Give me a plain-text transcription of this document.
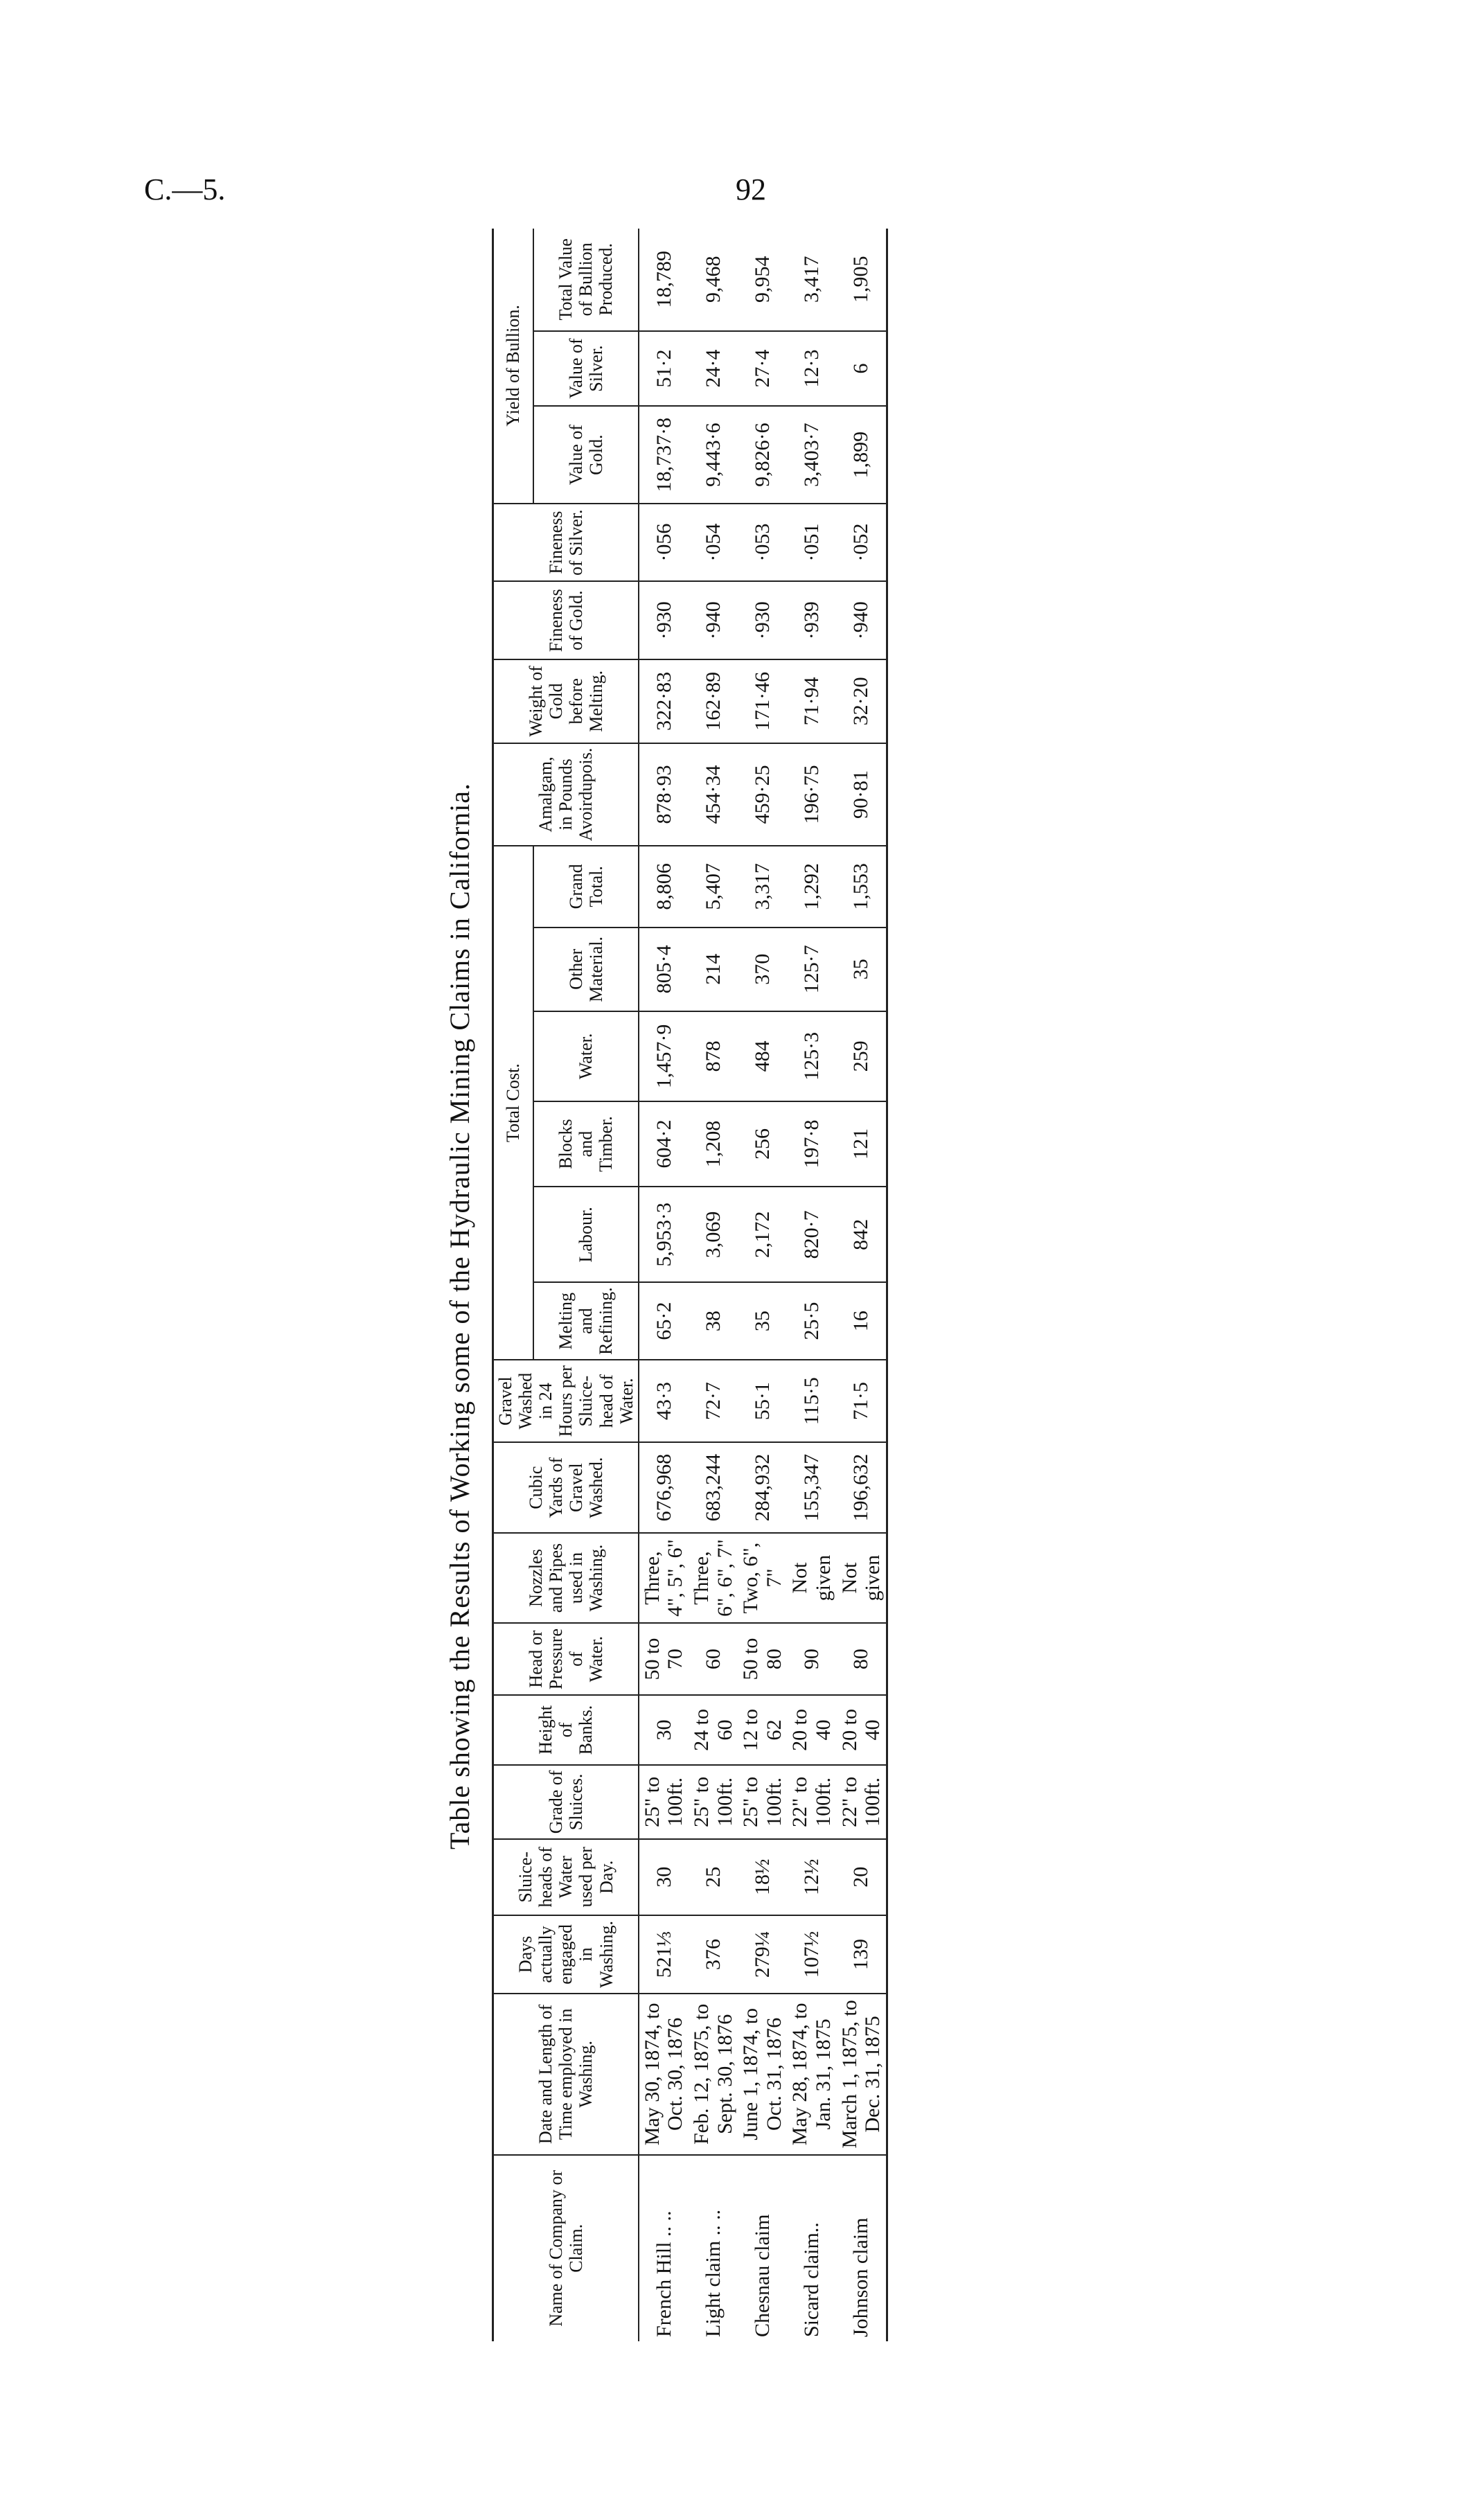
C.—5.	92
Table showing the Results of Working some of the Hydraulic Mining Claims in California.
Name of Company or Claim.	Date and Length of Time employed in Washing.	Days actually engaged in Washing.	Sluice-heads of Water used per Day.	Grade of Sluices.	Height of Banks.	Head or Pressure of Water.	Nozzles and Pipes used in Washing.	Cubic Yards of Gravel Washed.	Gravel Washed in 24 Hours per Sluice-head of Water.	Total Cost.						Amalgam, in Pounds Avoirdupois.	Weight of Gold before Melting.	Fineness of Gold.	Fineness of Silver.	Yield of Bullion.		
										Melting and Refining.	Labour.	Blocks and Timber.	Water.	Other Material.	Grand Total.					Value of Gold.	Value of Silver.	Total Value of Bullion Produced.
French Hill .. ..	May 30, 1874, to Oct. 30, 1876	521⅓	30	25" to 100ft.	30	50 to 70	Three, 4", 5", 6"	676,968	43·3	65·2	5,953·3	604·2	1,457·9	805·4	8,806	878·93	322·83	·930	·056	18,737·8	51·2	18,789
Light claim .. ..	Feb. 12, 1875, to Sept. 30, 1876	376	25	25" to 100ft.	24 to 60	60	Three, 6", 6", 7"	683,244	72·7	38	3,069	1,208	878	214	5,407	454·34	162·89	·940	·054	9,443·6	24·4	9,468
Chesnau claim	June 1, 1874, to Oct. 31, 1876	279¼	18½	25" to 100ft.	12 to 62	50 to 80	Two, 6", 7"	284,932	55·1	35	2,172	256	484	370	3,317	459·25	171·46	·930	·053	9,826·6	27·4	9,954
Sicard claim..	May 28, 1874, to Jan. 31, 1875	107½	12½	22" to 100ft.	20 to 40	90	Not given	155,347	115·5	25·5	820·7	197·8	125·3	125·7	1,292	196·75	71·94	·939	·051	3,403·7	12·3	3,417
Johnson claim	March 1, 1875, to Dec. 31, 1875	139	20	22" to 100ft.	20 to 40	80	Not given	196,632	71·5	16	842	121	259	35	1,553	90·81	32·20	·940	·052	1,899	6	1,905
